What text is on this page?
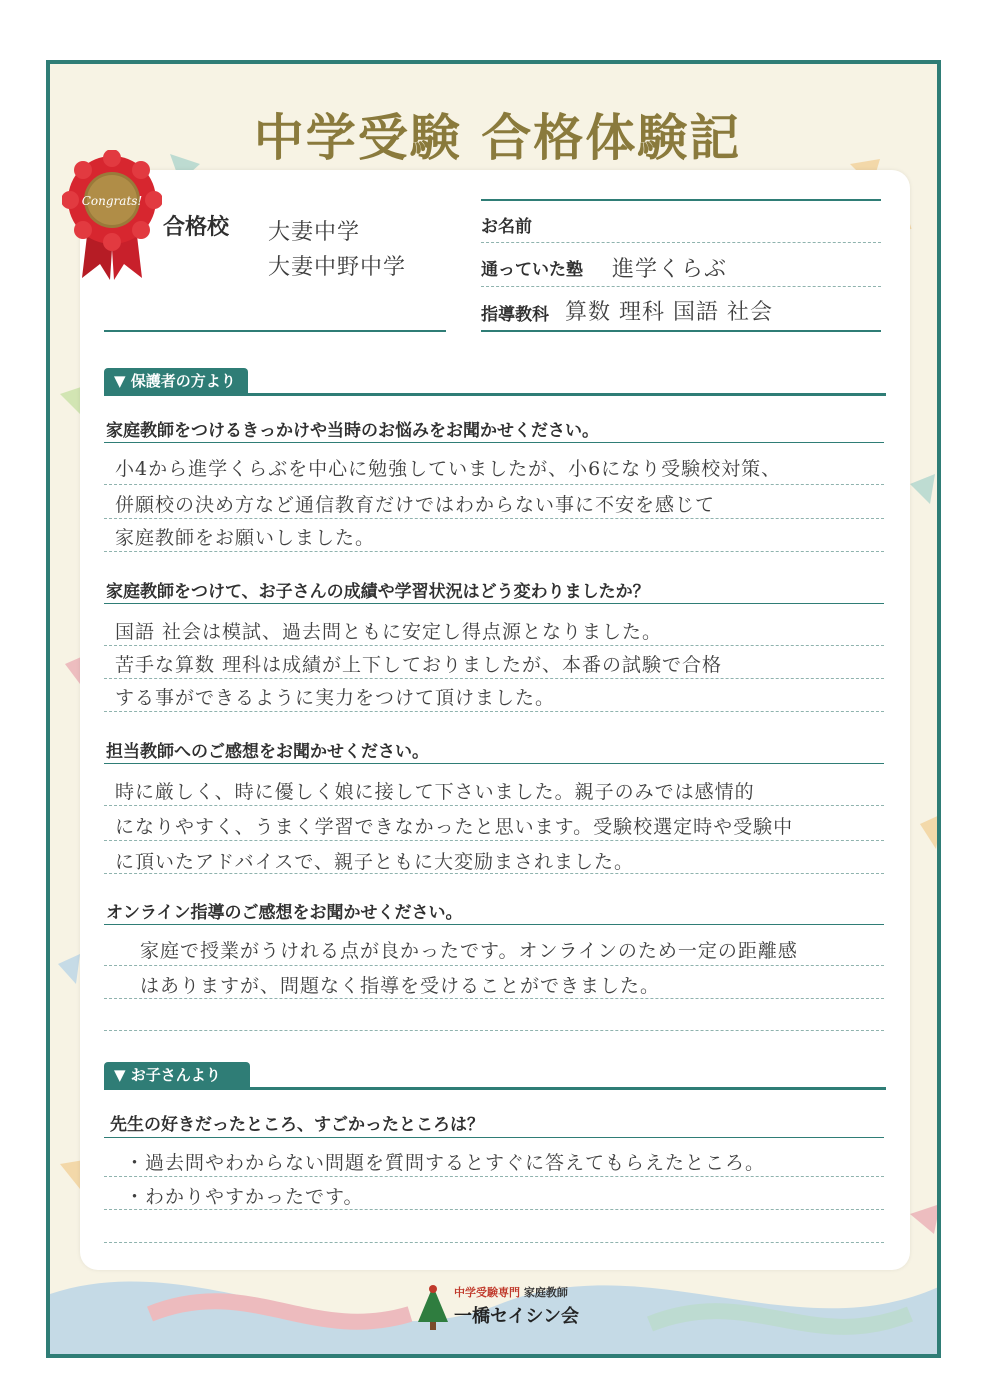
中学受験 合格体験記
Congrats!
合格校 大妻中学
大妻中野中学
お名前
通っていた塾 進学くらぶ
指導教科 算数 理科 国語 社会
▼ 保護者の方より
家庭教師をつけるきっかけや当時のお悩みをお聞かせください。
小4から進学くらぶを中心に勉強していましたが、小6になり受験校対策、
併願校の決め方など通信教育だけではわからない事に不安を感じて
家庭教師をお願いしました。
家庭教師をつけて、お子さんの成績や学習状況はどう変わりましたか？
国語 社会は模試、過去問ともに安定し得点源となりました。
苦手な算数 理科は成績が上下しておりましたが、本番の試験で合格
する事ができるように実力をつけて頂けました。
担当教師へのご感想をお聞かせください。
時に厳しく、時に優しく娘に接して下さいました。親子のみでは感情的
になりやすく、うまく学習できなかったと思います。受験校選定時や受験中
に頂いたアドバイスで、親子ともに大変励まされました。
オンライン指導のご感想をお聞かせください。
家庭で授業がうけれる点が良かったです。オンラインのため一定の距離感
はありますが、問題なく指導を受けることができました。
▼ お子さんより
先生の好きだったところ、すごかったところは？
・過去問やわからない問題を質問するとすぐに答えてもらえたところ。
・わかりやすかったです。
中学受験専門 家庭教師
一橋セイシン会
